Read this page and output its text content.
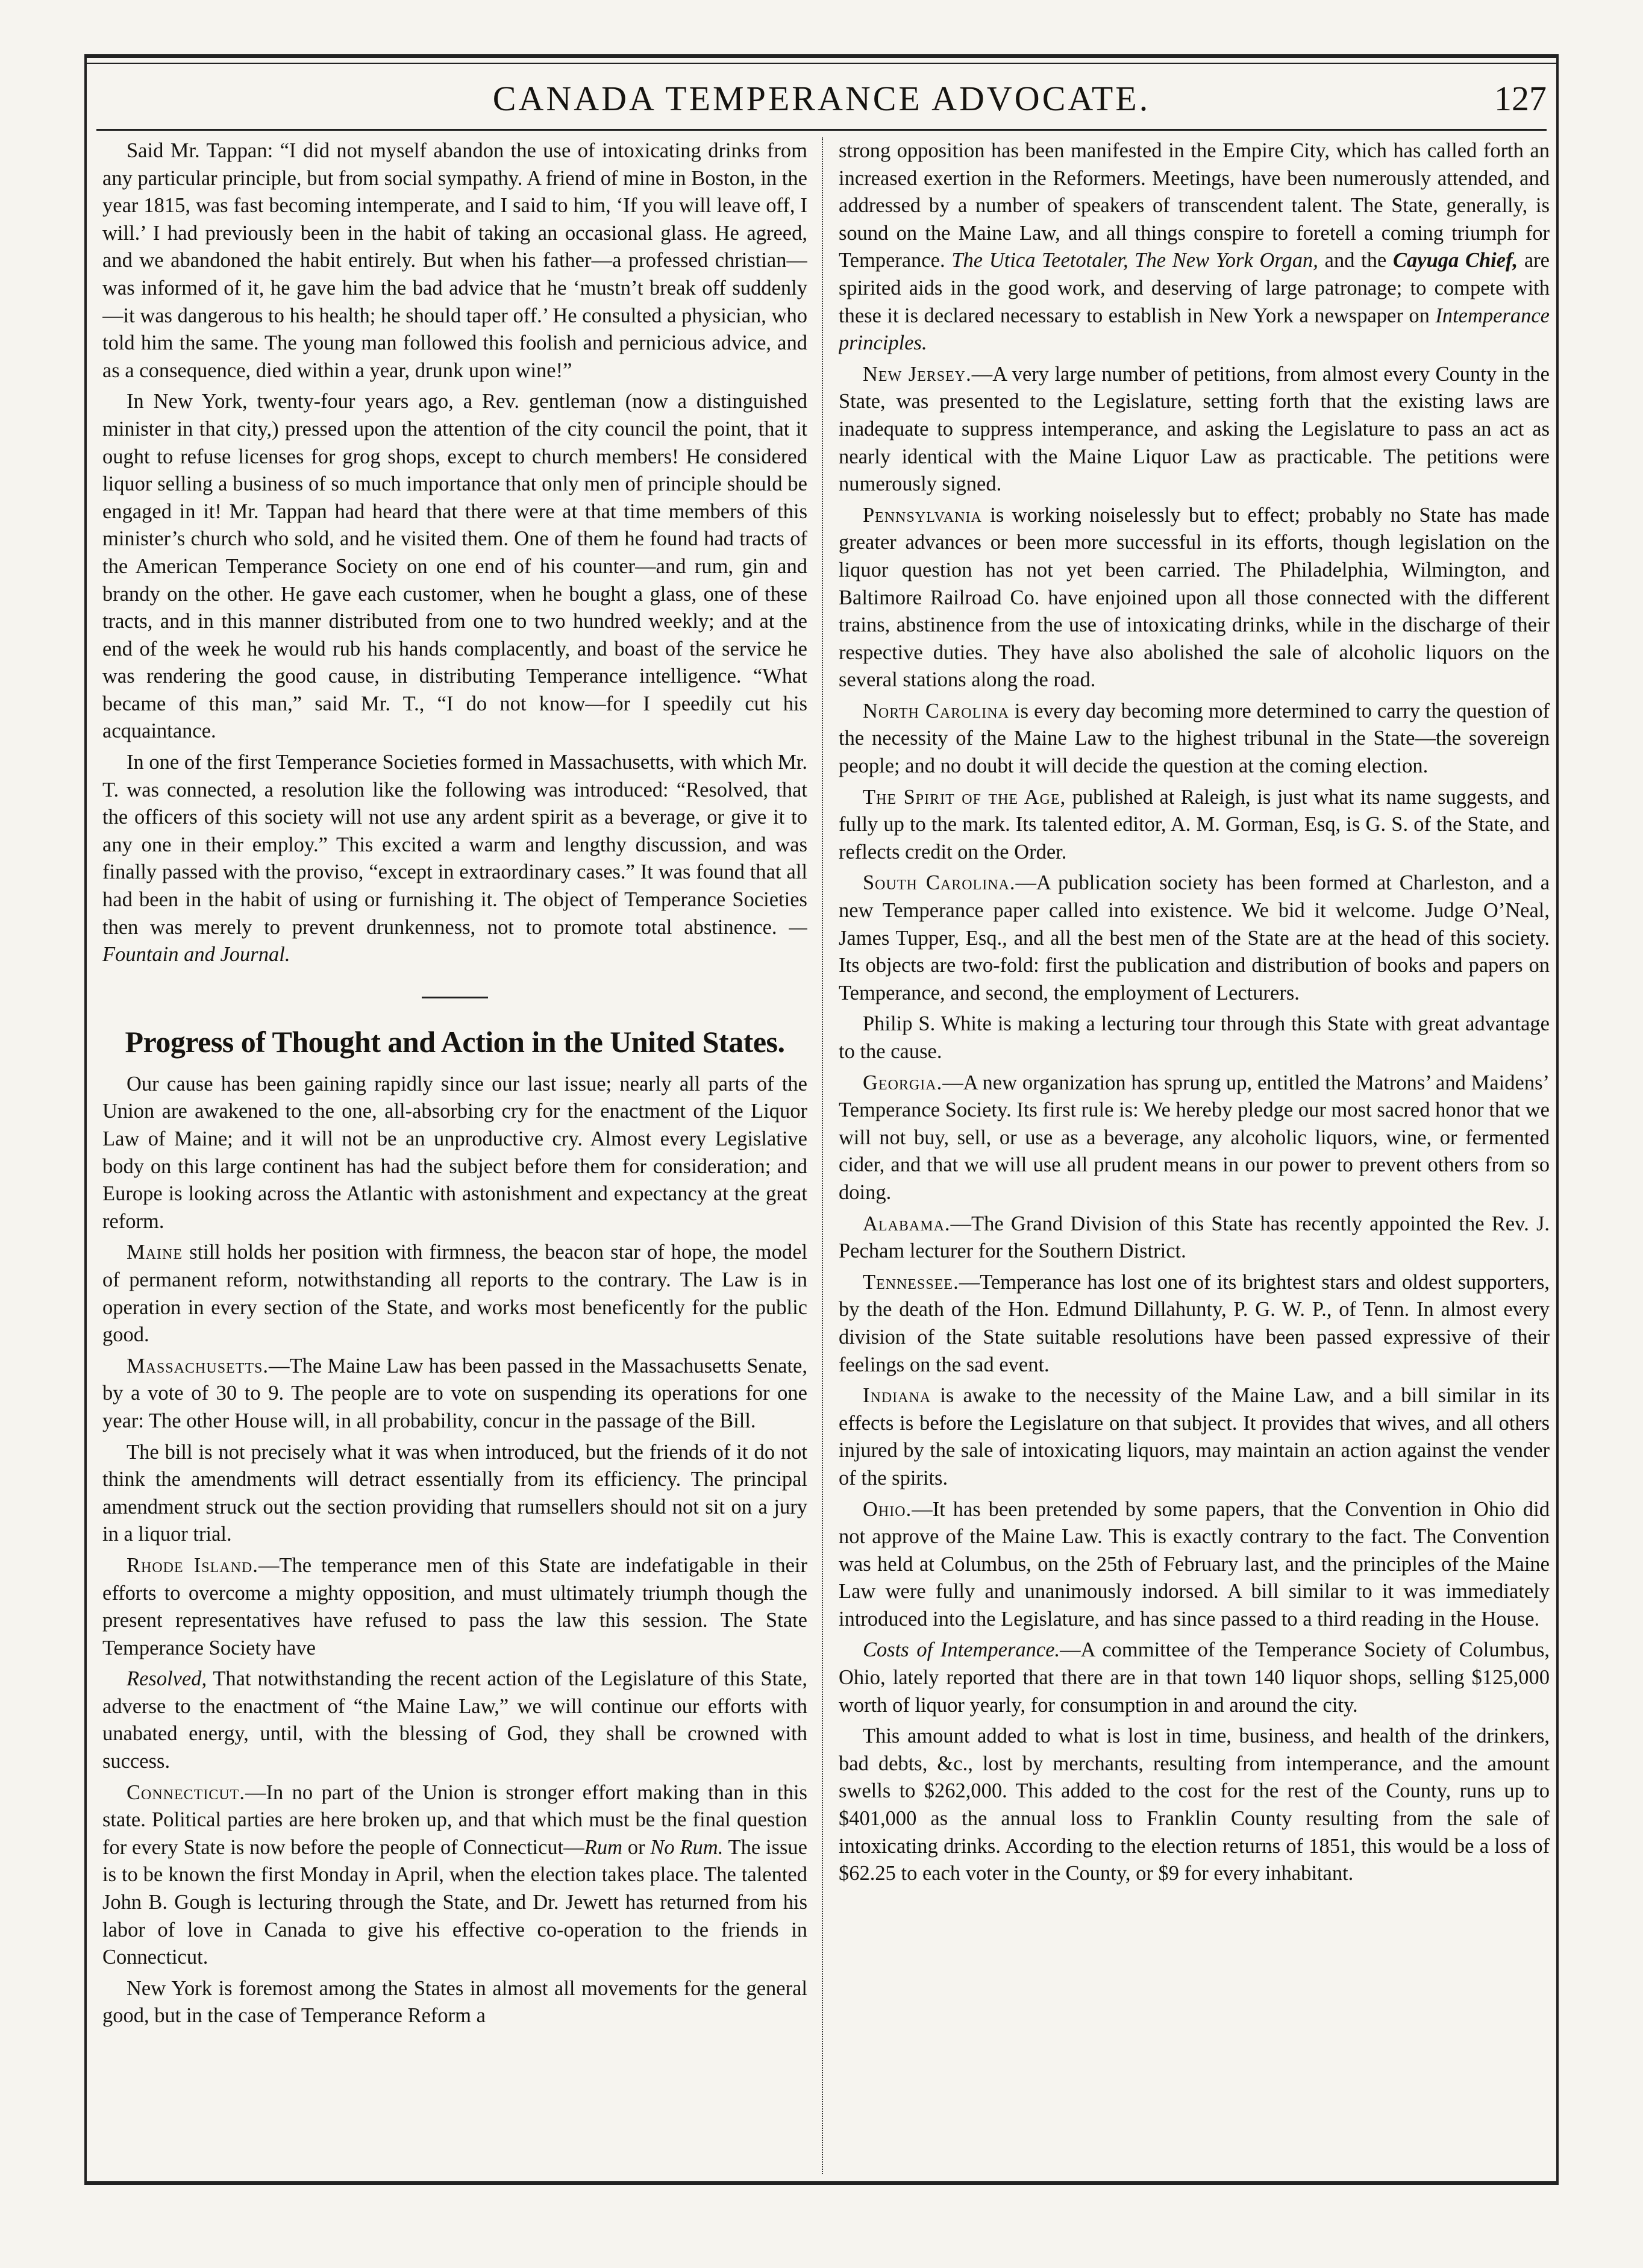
CANADA TEMPERANCE ADVOCATE.	127

Said Mr. Tappan: “I did not myself abandon the use of intoxicating drinks from any particular principle, but from social sympathy. A friend of mine in Boston, in the year 1815, was fast becoming intemperate, and I said to him, ‘If you will leave off, I will.’ I had previously been in the habit of taking an occasional glass. He agreed, and we abandoned the habit entirely. But when his father—a professed christian—was informed of it, he gave him the bad advice that he ‘mustn’t break off suddenly—it was dangerous to his health; he should taper off.’ He consulted a physician, who told him the same. The young man followed this foolish and pernicious advice, and as a consequence, died within a year, drunk upon wine!”

In New York, twenty-four years ago, a Rev. gentleman (now a distinguished minister in that city,) pressed upon the attention of the city council the point, that it ought to refuse licenses for grog shops, except to church members! He considered liquor selling a business of so much importance that only men of principle should be engaged in it! Mr. Tappan had heard that there were at that time members of this minister’s church who sold, and he visited them. One of them he found had tracts of the American Temperance Society on one end of his counter—and rum, gin and brandy on the other. He gave each customer, when he bought a glass, one of these tracts, and in this manner distributed from one to two hundred weekly; and at the end of the week he would rub his hands complacently, and boast of the service he was rendering the good cause, in distributing Temperance intelligence. “What became of this man,” said Mr. T., “I do not know—for I speedily cut his acquaintance.

In one of the first Temperance Societies formed in Massachusetts, with which Mr. T. was connected, a resolution like the following was introduced: “Resolved, that the officers of this society will not use any ardent spirit as a beverage, or give it to any one in their employ.” This excited a warm and lengthy discussion, and was finally passed with the proviso, “except in extraordinary cases.” It was found that all had been in the habit of using or furnishing it. The object of Temperance Societies then was merely to prevent drunkenness, not to promote total abstinence. —Fountain and Journal.

Progress of Thought and Action in the United States.

Our cause has been gaining rapidly since our last issue; nearly all parts of the Union are awakened to the one, all-absorbing cry for the enactment of the Liquor Law of Maine; and it will not be an unproductive cry. Almost every Legislative body on this large continent has had the subject before them for consideration; and Europe is looking across the Atlantic with astonishment and expectancy at the great reform.

Maine still holds her position with firmness, the beacon star of hope, the model of permanent reform, notwithstanding all reports to the contrary. The Law is in operation in every section of the State, and works most beneficently for the public good.

Massachusetts.—The Maine Law has been passed in the Massachusetts Senate, by a vote of 30 to 9. The people are to vote on suspending its operations for one year: The other House will, in all probability, concur in the passage of the Bill.

The bill is not precisely what it was when introduced, but the friends of it do not think the amendments will detract essentially from its efficiency. The principal amendment struck out the section providing that rumsellers should not sit on a jury in a liquor trial.

Rhode Island.—The temperance men of this State are indefatigable in their efforts to overcome a mighty opposition, and must ultimately triumph though the present representatives have refused to pass the law this session. The State Temperance Society have

Resolved, That notwithstanding the recent action of the Legislature of this State, adverse to the enactment of “the Maine Law,” we will continue our efforts with unabated energy, until, with the blessing of God, they shall be crowned with success.

Connecticut.—In no part of the Union is stronger effort making than in this state. Political parties are here broken up, and that which must be the final question for every State is now before the people of Connecticut—Rum or No Rum. The issue is to be known the first Monday in April, when the election takes place. The talented John B. Gough is lecturing through the State, and Dr. Jewett has returned from his labor of love in Canada to give his effective co-operation to the friends in Connecticut.

New York is foremost among the States in almost all movements for the general good, but in the case of Temperance Reform a

strong opposition has been manifested in the Empire City, which has called forth an increased exertion in the Reformers. Meetings, have been numerously attended, and addressed by a number of speakers of transcendent talent. The State, generally, is sound on the Maine Law, and all things conspire to foretell a coming triumph for Temperance. The Utica Teetotaler, The New York Organ, and the Cayuga Chief, are spirited aids in the good work, and deserving of large patronage; to compete with these it is declared necessary to establish in New York a newspaper on Intemperance principles.

New Jersey.—A very large number of petitions, from almost every County in the State, was presented to the Legislature, setting forth that the existing laws are inadequate to suppress intemperance, and asking the Legislature to pass an act as nearly identical with the Maine Liquor Law as practicable. The petitions were numerously signed.

Pennsylvania is working noiselessly but to effect; probably no State has made greater advances or been more successful in its efforts, though legislation on the liquor question has not yet been carried. The Philadelphia, Wilmington, and Baltimore Railroad Co. have enjoined upon all those connected with the different trains, abstinence from the use of intoxicating drinks, while in the discharge of their respective duties. They have also abolished the sale of alcoholic liquors on the several stations along the road.

North Carolina is every day becoming more determined to carry the question of the necessity of the Maine Law to the highest tribunal in the State—the sovereign people; and no doubt it will decide the question at the coming election.

The Spirit of the Age, published at Raleigh, is just what its name suggests, and fully up to the mark. Its talented editor, A. M. Gorman, Esq, is G. S. of the State, and reflects credit on the Order.

South Carolina.—A publication society has been formed at Charleston, and a new Temperance paper called into existence. We bid it welcome. Judge O’Neal, James Tupper, Esq., and all the best men of the State are at the head of this society. Its objects are two-fold: first the publication and distribution of books and papers on Temperance, and second, the employment of Lecturers.

Philip S. White is making a lecturing tour through this State with great advantage to the cause.

Georgia.—A new organization has sprung up, entitled the Matrons’ and Maidens’ Temperance Society. Its first rule is: We hereby pledge our most sacred honor that we will not buy, sell, or use as a beverage, any alcoholic liquors, wine, or fermented cider, and that we will use all prudent means in our power to prevent others from so doing.

Alabama.—The Grand Division of this State has recently appointed the Rev. J. Pecham lecturer for the Southern District.

Tennessee.—Temperance has lost one of its brightest stars and oldest supporters, by the death of the Hon. Edmund Dillahunty, P. G. W. P., of Tenn. In almost every division of the State suitable resolutions have been passed expressive of their feelings on the sad event.

Indiana is awake to the necessity of the Maine Law, and a bill similar in its effects is before the Legislature on that subject. It provides that wives, and all others injured by the sale of intoxicating liquors, may maintain an action against the vender of the spirits.

Ohio.—It has been pretended by some papers, that the Convention in Ohio did not approve of the Maine Law. This is exactly contrary to the fact. The Convention was held at Columbus, on the 25th of February last, and the principles of the Maine Law were fully and unanimously indorsed. A bill similar to it was immediately introduced into the Legislature, and has since passed to a third reading in the House.

Costs of Intemperance.—A committee of the Temperance Society of Columbus, Ohio, lately reported that there are in that town 140 liquor shops, selling $125,000 worth of liquor yearly, for consumption in and around the city.

This amount added to what is lost in time, business, and health of the drinkers, bad debts, &c., lost by merchants, resulting from intemperance, and the amount swells to $262,000. This added to the cost for the rest of the County, runs up to $401,000 as the annual loss to Franklin County resulting from the sale of intoxicating drinks. According to the election returns of 1851, this would be a loss of $62.25 to each voter in the County, or $9 for every inhabitant.
